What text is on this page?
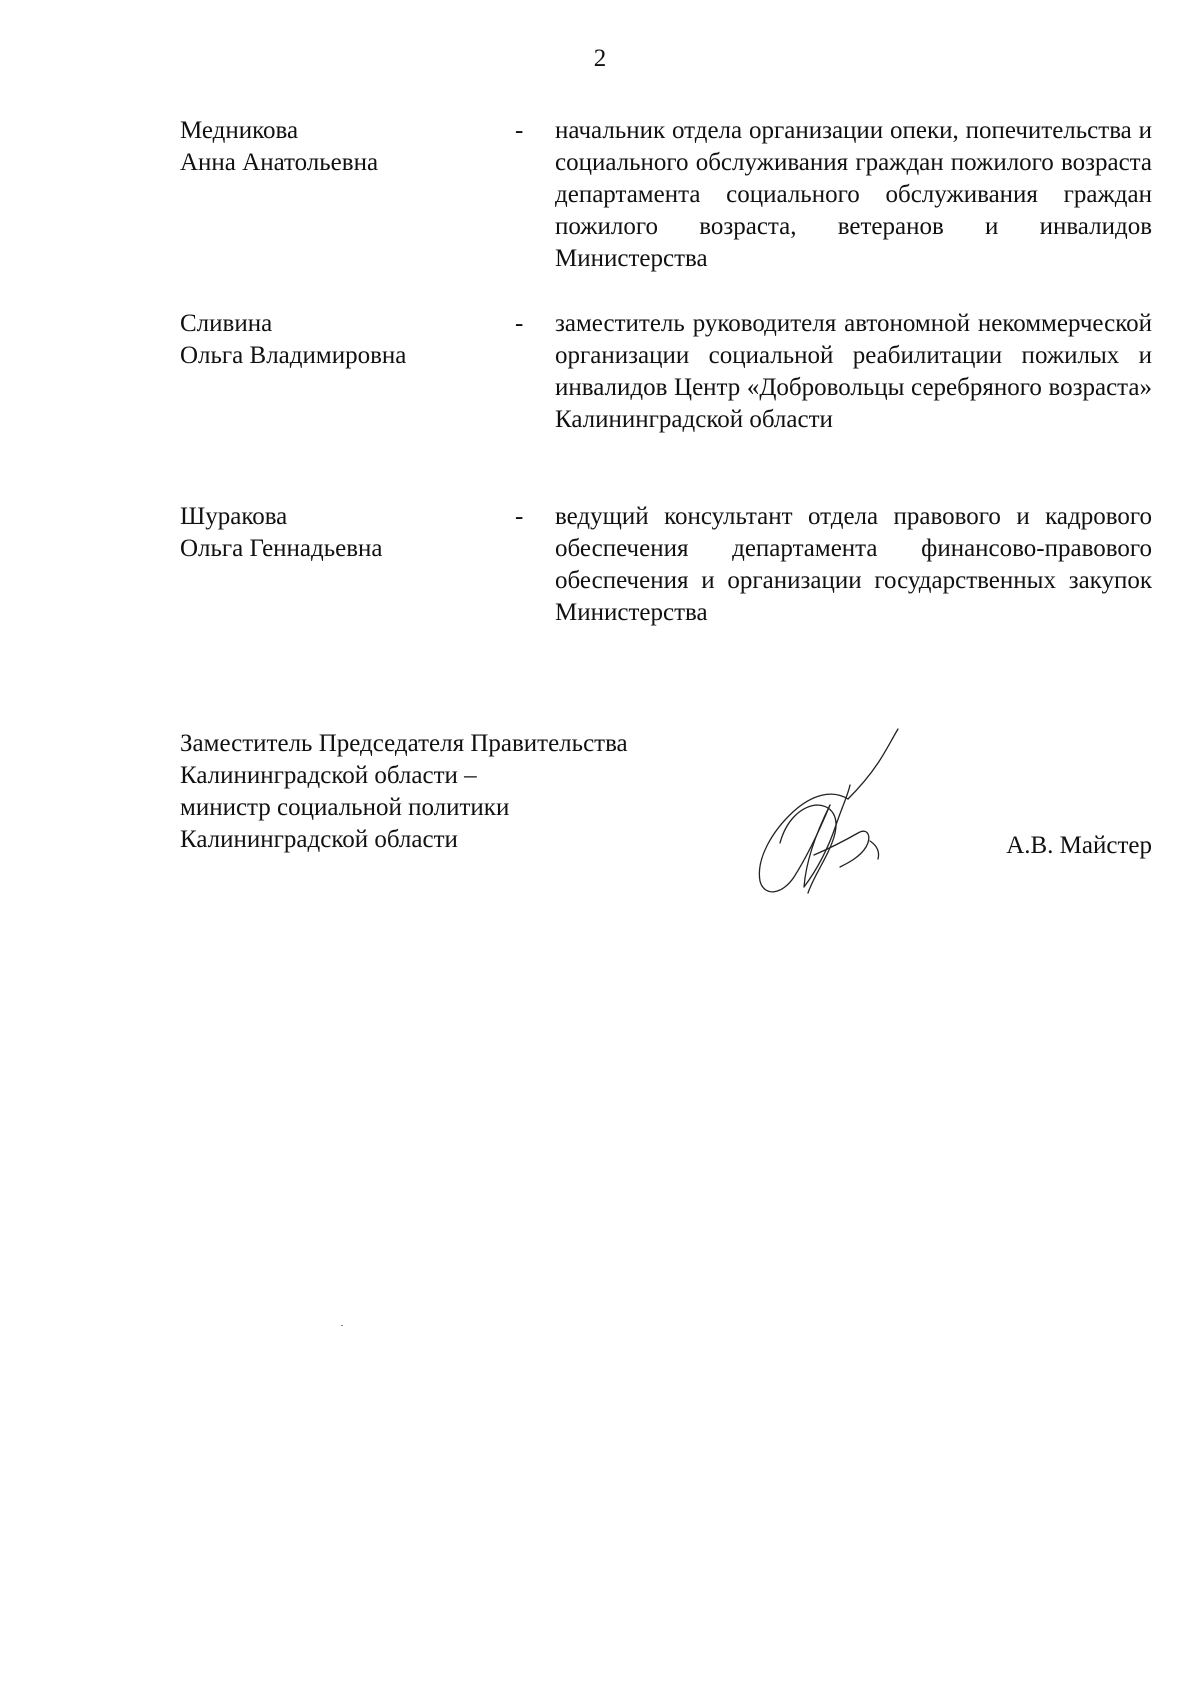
2
Медникова
Анна Анатольевна
- начальник отдела организации опеки, попечительства и социального обслуживания граждан пожилого возраста департамента социального обслуживания граждан пожилого возраста, ветеранов и инвалидов Министерства
Сливина
Ольга Владимировна
- заместитель руководителя автономной некоммерческой организации социальной реабилитации пожилых и инвалидов Центр «Добровольцы серебряного возраста» Калининградской области
Шуракова
Ольга Геннадьевна
- ведущий консультант отдела правового и кадрового обеспечения департамента финансово-правового обеспечения и организации государственных закупок Министерства
Заместитель Председателя Правительства
Калининградской области –
министр социальной политики
Калининградской области	А.В. Майстер
